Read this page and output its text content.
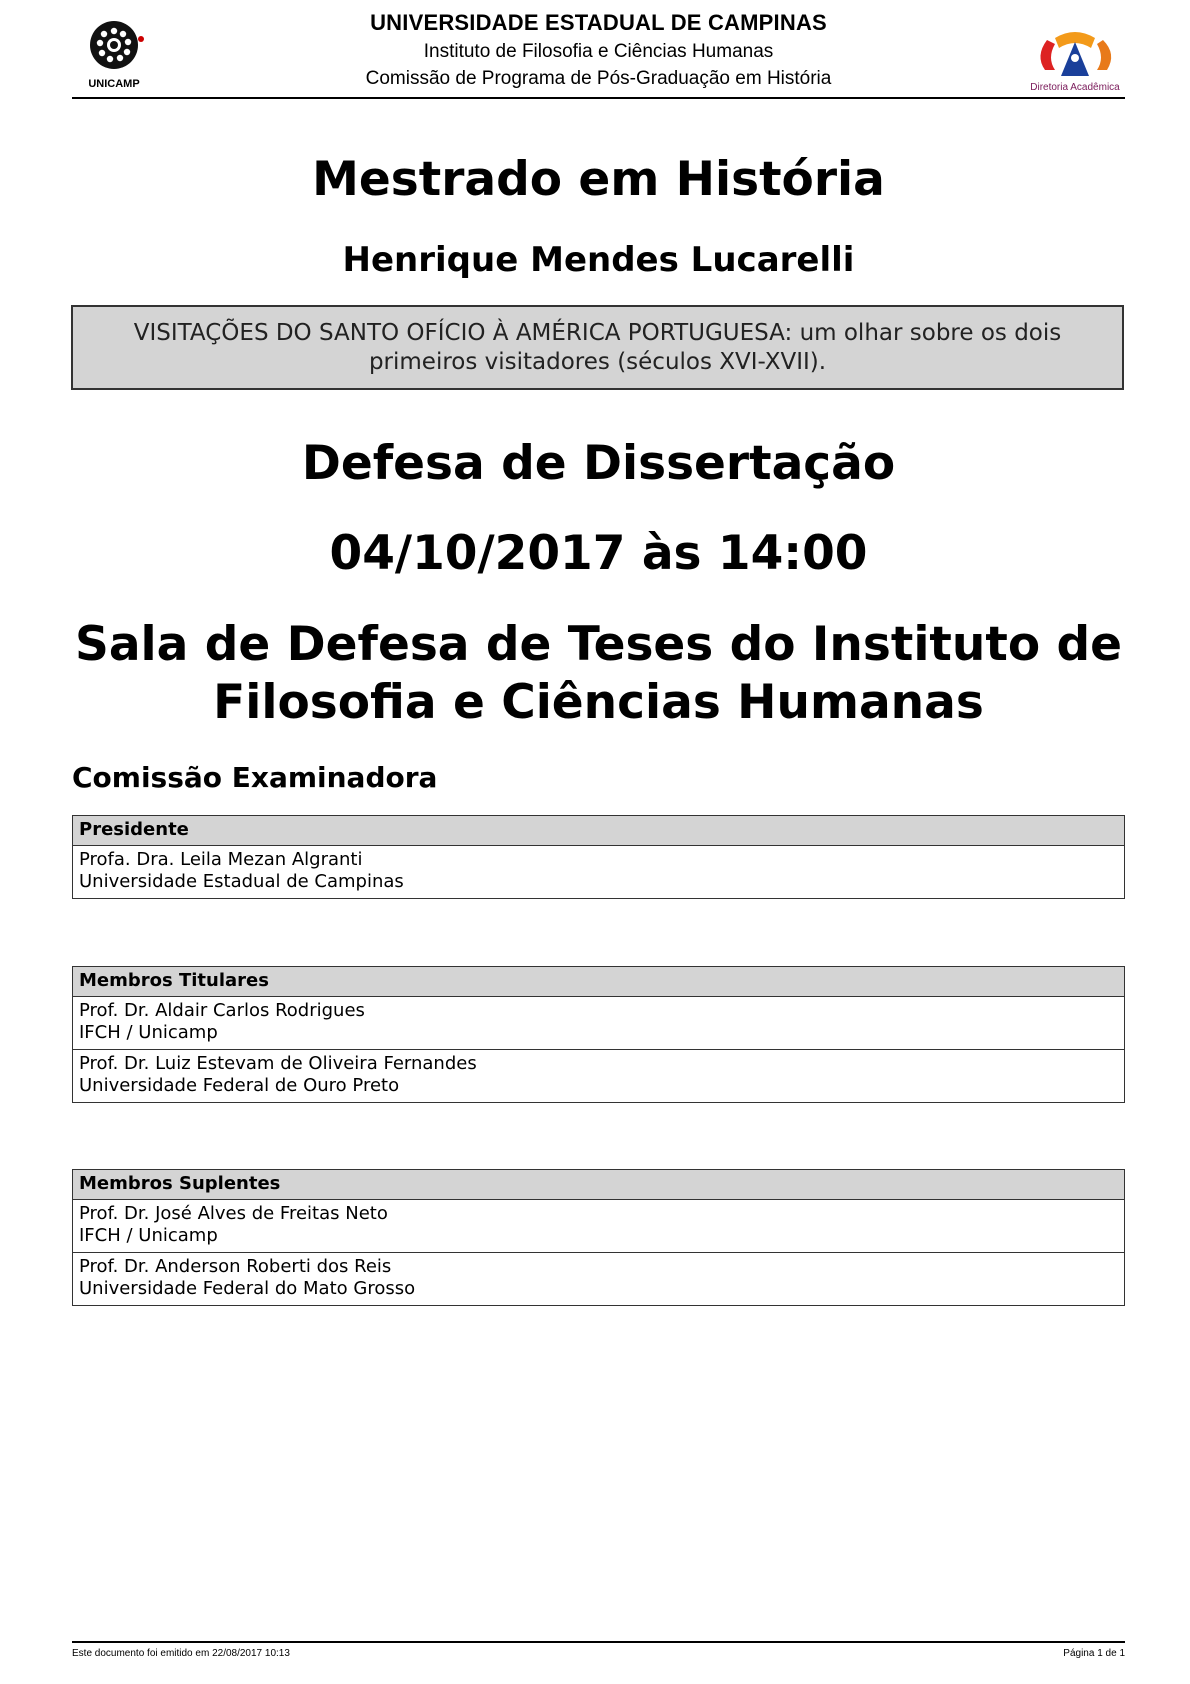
UNICAMP
UNIVERSIDADE ESTADUAL DE CAMPINAS
Instituto de Filosofia e Ciências Humanas
Comissão de Programa de Pós-Graduação em História	Diretoria Acadêmica
Mestrado em História
Henrique Mendes Lucarelli
VISITAÇÕES DO SANTO OFÍCIO À AMÉRICA PORTUGUESA: um olhar sobre os dois primeiros visitadores (séculos XVI-XVII).
Defesa de Dissertação
04/10/2017 às 14:00
Sala de Defesa de Teses do Instituto de Filosofia e Ciências Humanas
Comissão Examinadora
Presidente

Profa. Dra. Leila Mezan Algranti
Universidade Estadual de Campinas
Membros Titulares

Prof. Dr. Aldair Carlos Rodrigues
IFCH / Unicamp

Prof. Dr. Luiz Estevam de Oliveira Fernandes
Universidade Federal de Ouro Preto
Membros Suplentes

Prof. Dr. José Alves de Freitas Neto
IFCH / Unicamp

Prof. Dr. Anderson Roberti dos Reis
Universidade Federal do Mato Grosso
Este documento foi emitido em 22/08/2017 10:13	Página 1 de 1
